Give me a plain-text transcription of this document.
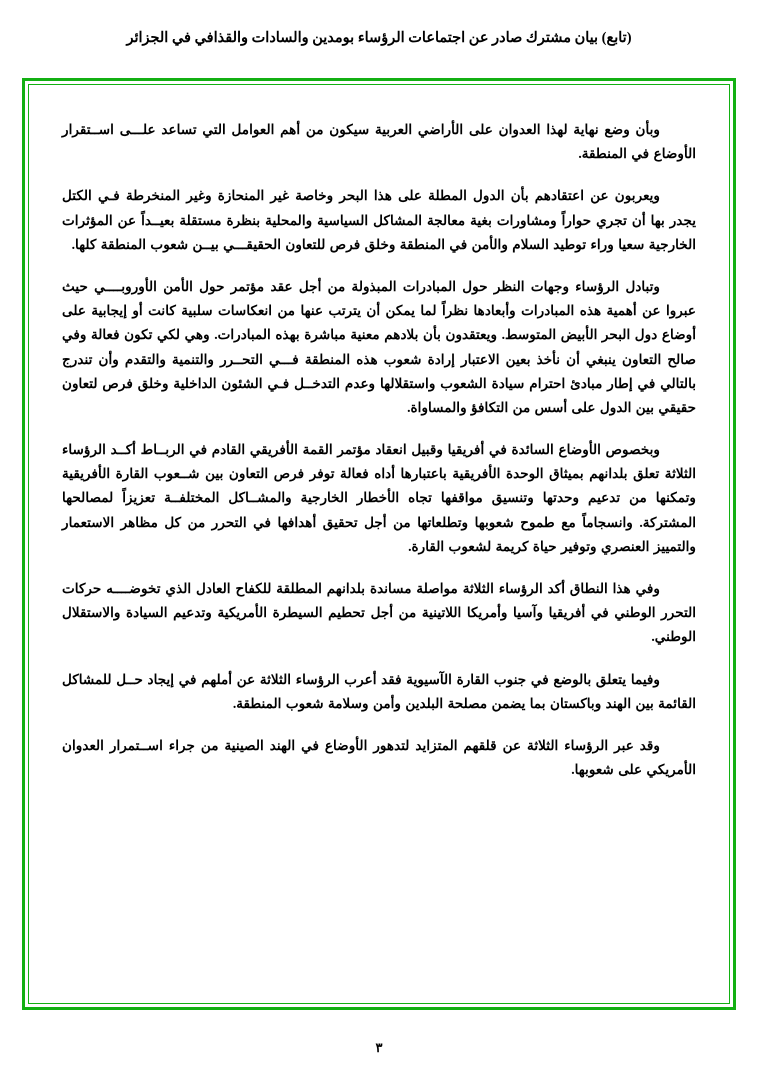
(تابع) بيان مشترك صادر عن اجتماعات الرؤساء بومدين والسادات والقذافي في الجزائر

وبأن وضع نهاية لهذا العدوان على الأراضي العربية سيكون من أهم العوامل التي تساعد علـــى اســتقرار الأوضاع في المنطقة.

ويعربون عن اعتقادهم بأن الدول المطلة على هذا البحر وخاصة غير المنحازة وغير المنخرطة فـي الكتل يجدر بها أن تجري حواراً ومشاورات بغية معالجة المشاكل السياسية والمحلية بنظرة مستقلة بعيــداً عن المؤثرات الخارجية سعيا وراء توطيد السلام والأمن في المنطقة وخلق فرص للتعاون الحقيقـــي بيــن شعوب المنطقة كلها.

وتبادل الرؤساء وجهات النظر حول المبادرات المبذولة من أجل عقد مؤتمر حول الأمن الأوروبــــي حيث عبروا عن أهمية هذه المبادرات وأبعادها نظراً لما يمكن أن يترتب عنها من انعكاسات سلبية كانت أو إيجابية على أوضاع دول البحر الأبيض المتوسط. ويعتقدون بأن بلادهم معنية مباشرة بهذه المبادرات. وهي لكي تكون فعالة وفي صالح التعاون ينبغي أن نأخذ بعين الاعتبار إرادة شعوب هذه المنطقة فـــي التحــرر والتنمية والتقدم وأن تندرج بالتالي في إطار مبادئ احترام سيادة الشعوب واستقلالها وعدم التدخــل فـي الشئون الداخلية وخلق فرص لتعاون حقيقي بين الدول على أسس من التكافؤ والمساواة.

وبخصوص الأوضاع السائدة في أفريقيا وقبيل انعقاد مؤتمر القمة الأفريقي القادم في الربــاط أكــد الرؤساء الثلاثة تعلق بلدانهم بميثاق الوحدة الأفريقية باعتبارها أداه فعالة توفر فرص التعاون بين شــعوب القارة الأفريقية وتمكنها من تدعيم وحدتها وتنسيق مواقفها تجاه الأخطار الخارجية والمشــاكل المختلفــة تعزيزاً لمصالحها المشتركة. وانسجاماً مع طموح شعوبها وتطلعاتها من أجل تحقيق أهدافها في التحرر من كل مظاهر الاستعمار والتمييز العنصري وتوفير حياة كريمة لشعوب القارة.

وفي هذا النطاق أكد الرؤساء الثلاثة مواصلة مساندة بلدانهم المطلقة للكفاح العادل الذي تخوضــــه حركات التحرر الوطني في أفريقيا وآسيا وأمريكا اللاتينية من أجل تحطيم السيطرة الأمريكية وتدعيم السيادة والاستقلال الوطني.

وفيما يتعلق بالوضع في جنوب القارة الآسيوية فقد أعرب الرؤساء الثلاثة عن أملهم في إيجاد حــل للمشاكل القائمة بين الهند وباكستان بما يضمن مصلحة البلدين وأمن وسلامة شعوب المنطقة.

وقد عبر الرؤساء الثلاثة عن قلقهم المتزايد لتدهور الأوضاع في الهند الصينية من جراء اســتمرار العدوان الأمريكي على شعوبها.

٣
